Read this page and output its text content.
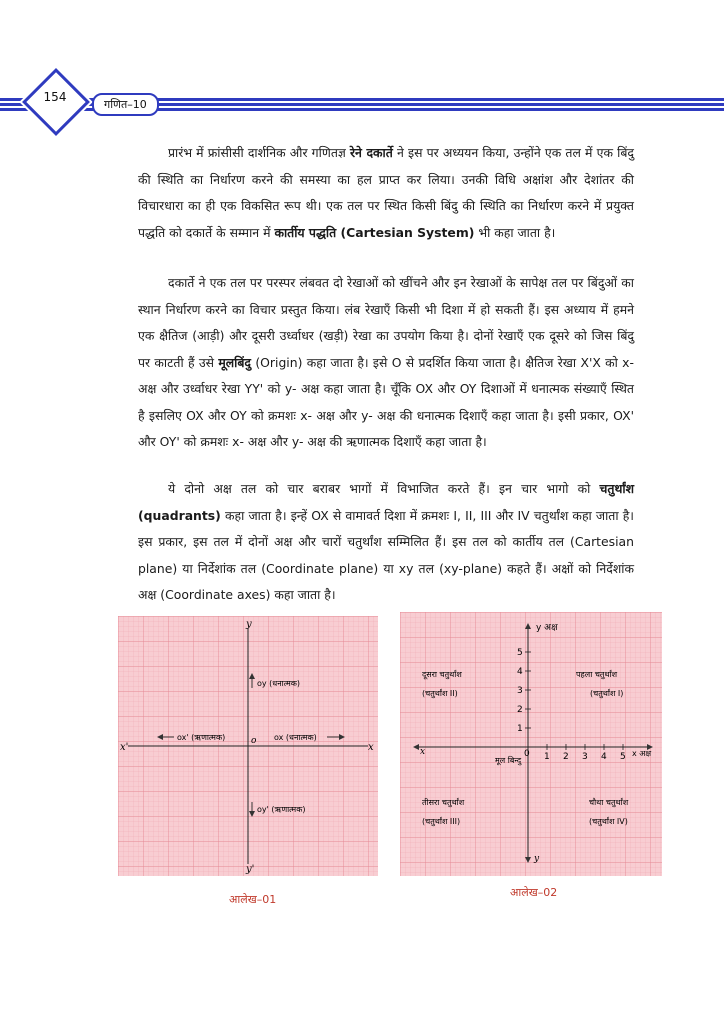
154
गणित–10

प्रारंभ में फ्रांसीसी दार्शनिक और गणितज्ञ रेने दकार्ते ने इस पर अध्ययन किया, उन्होंने एक तल में एक बिंदु की स्थिति का निर्धारण करने की समस्या का हल प्राप्त कर लिया। उनकी विधि अक्षांश और देशांतर की विचारधारा का ही एक विकसित रूप थी। एक तल पर स्थित किसी बिंदु की स्थिति का निर्धारण करने में प्रयुक्त पद्धति को दकार्ते के सम्मान में कार्तीय पद्धति (Cartesian System) भी कहा जाता है।

दकार्ते ने एक तल पर परस्पर लंबवत दो रेखाओं को खींचने और इन रेखाओं के सापेक्ष तल पर बिंदुओं का स्थान निर्धारण करने का विचार प्रस्तुत किया। लंब रेखाएँ किसी भी दिशा में हो सकती हैं। इस अध्याय में हमने एक क्षैतिज (आड़ी) और दूसरी उर्ध्वाधर (खड़ी) रेखा का उपयोग किया है। दोनों रेखाएँ एक दूसरे को जिस बिंदु पर काटती हैं उसे मूलबिंदु (Origin) कहा जाता है। इसे O से प्रदर्शित किया जाता है। क्षैतिज रेखा X'X को x- अक्ष और उर्ध्वाधर रेखा YY' को y- अक्ष कहा जाता है। चूँकि OX और OY दिशाओं में धनात्मक संख्याएँ स्थित है इसलिए OX और OY को क्रमशः x- अक्ष और y- अक्ष की धनात्मक दिशाएँ कहा जाता है। इसी प्रकार, OX' और OY' को क्रमशः x- अक्ष और y- अक्ष की ऋणात्मक दिशाएँ कहा जाता है।

ये दोनो अक्ष तल को चार बराबर भागों में विभाजित करते हैं। इन चार भागो को चतुर्थांश (quadrants) कहा जाता है। इन्हें OX से वामावर्त दिशा में क्रमशः I, II, III और IV चतुर्थांश कहा जाता है। इस प्रकार, इस तल में दोनों अक्ष और चारों चतुर्थांश सम्मिलित हैं। इस तल को कार्तीय तल (Cartesian plane) या निर्देशांक तल (Coordinate plane) या xy तल (xy-plane) कहते हैं। अक्षों को निर्देशांक अक्ष (Coordinate axes) कहा जाता है।

y
y'
x
x'
o
oy (धनात्मक)
oy' (ऋणात्मक)
ox' (ऋणात्मक)	ox (धनात्मक)
आलेख–01
1 2 3 4 5
1
2
3
4
5
y अक्ष
y
x अक्ष
x	0
मूल बिन्दु
पहला चतुर्थांश
(चतुर्थांश I)
दूसरा चतुर्थांश
(चतुर्थांश II)
तीसरा चतुर्थांश
(चतुर्थांश III)
चौथा चतुर्थांश
(चतुर्थांश IV)
आलेख–02
